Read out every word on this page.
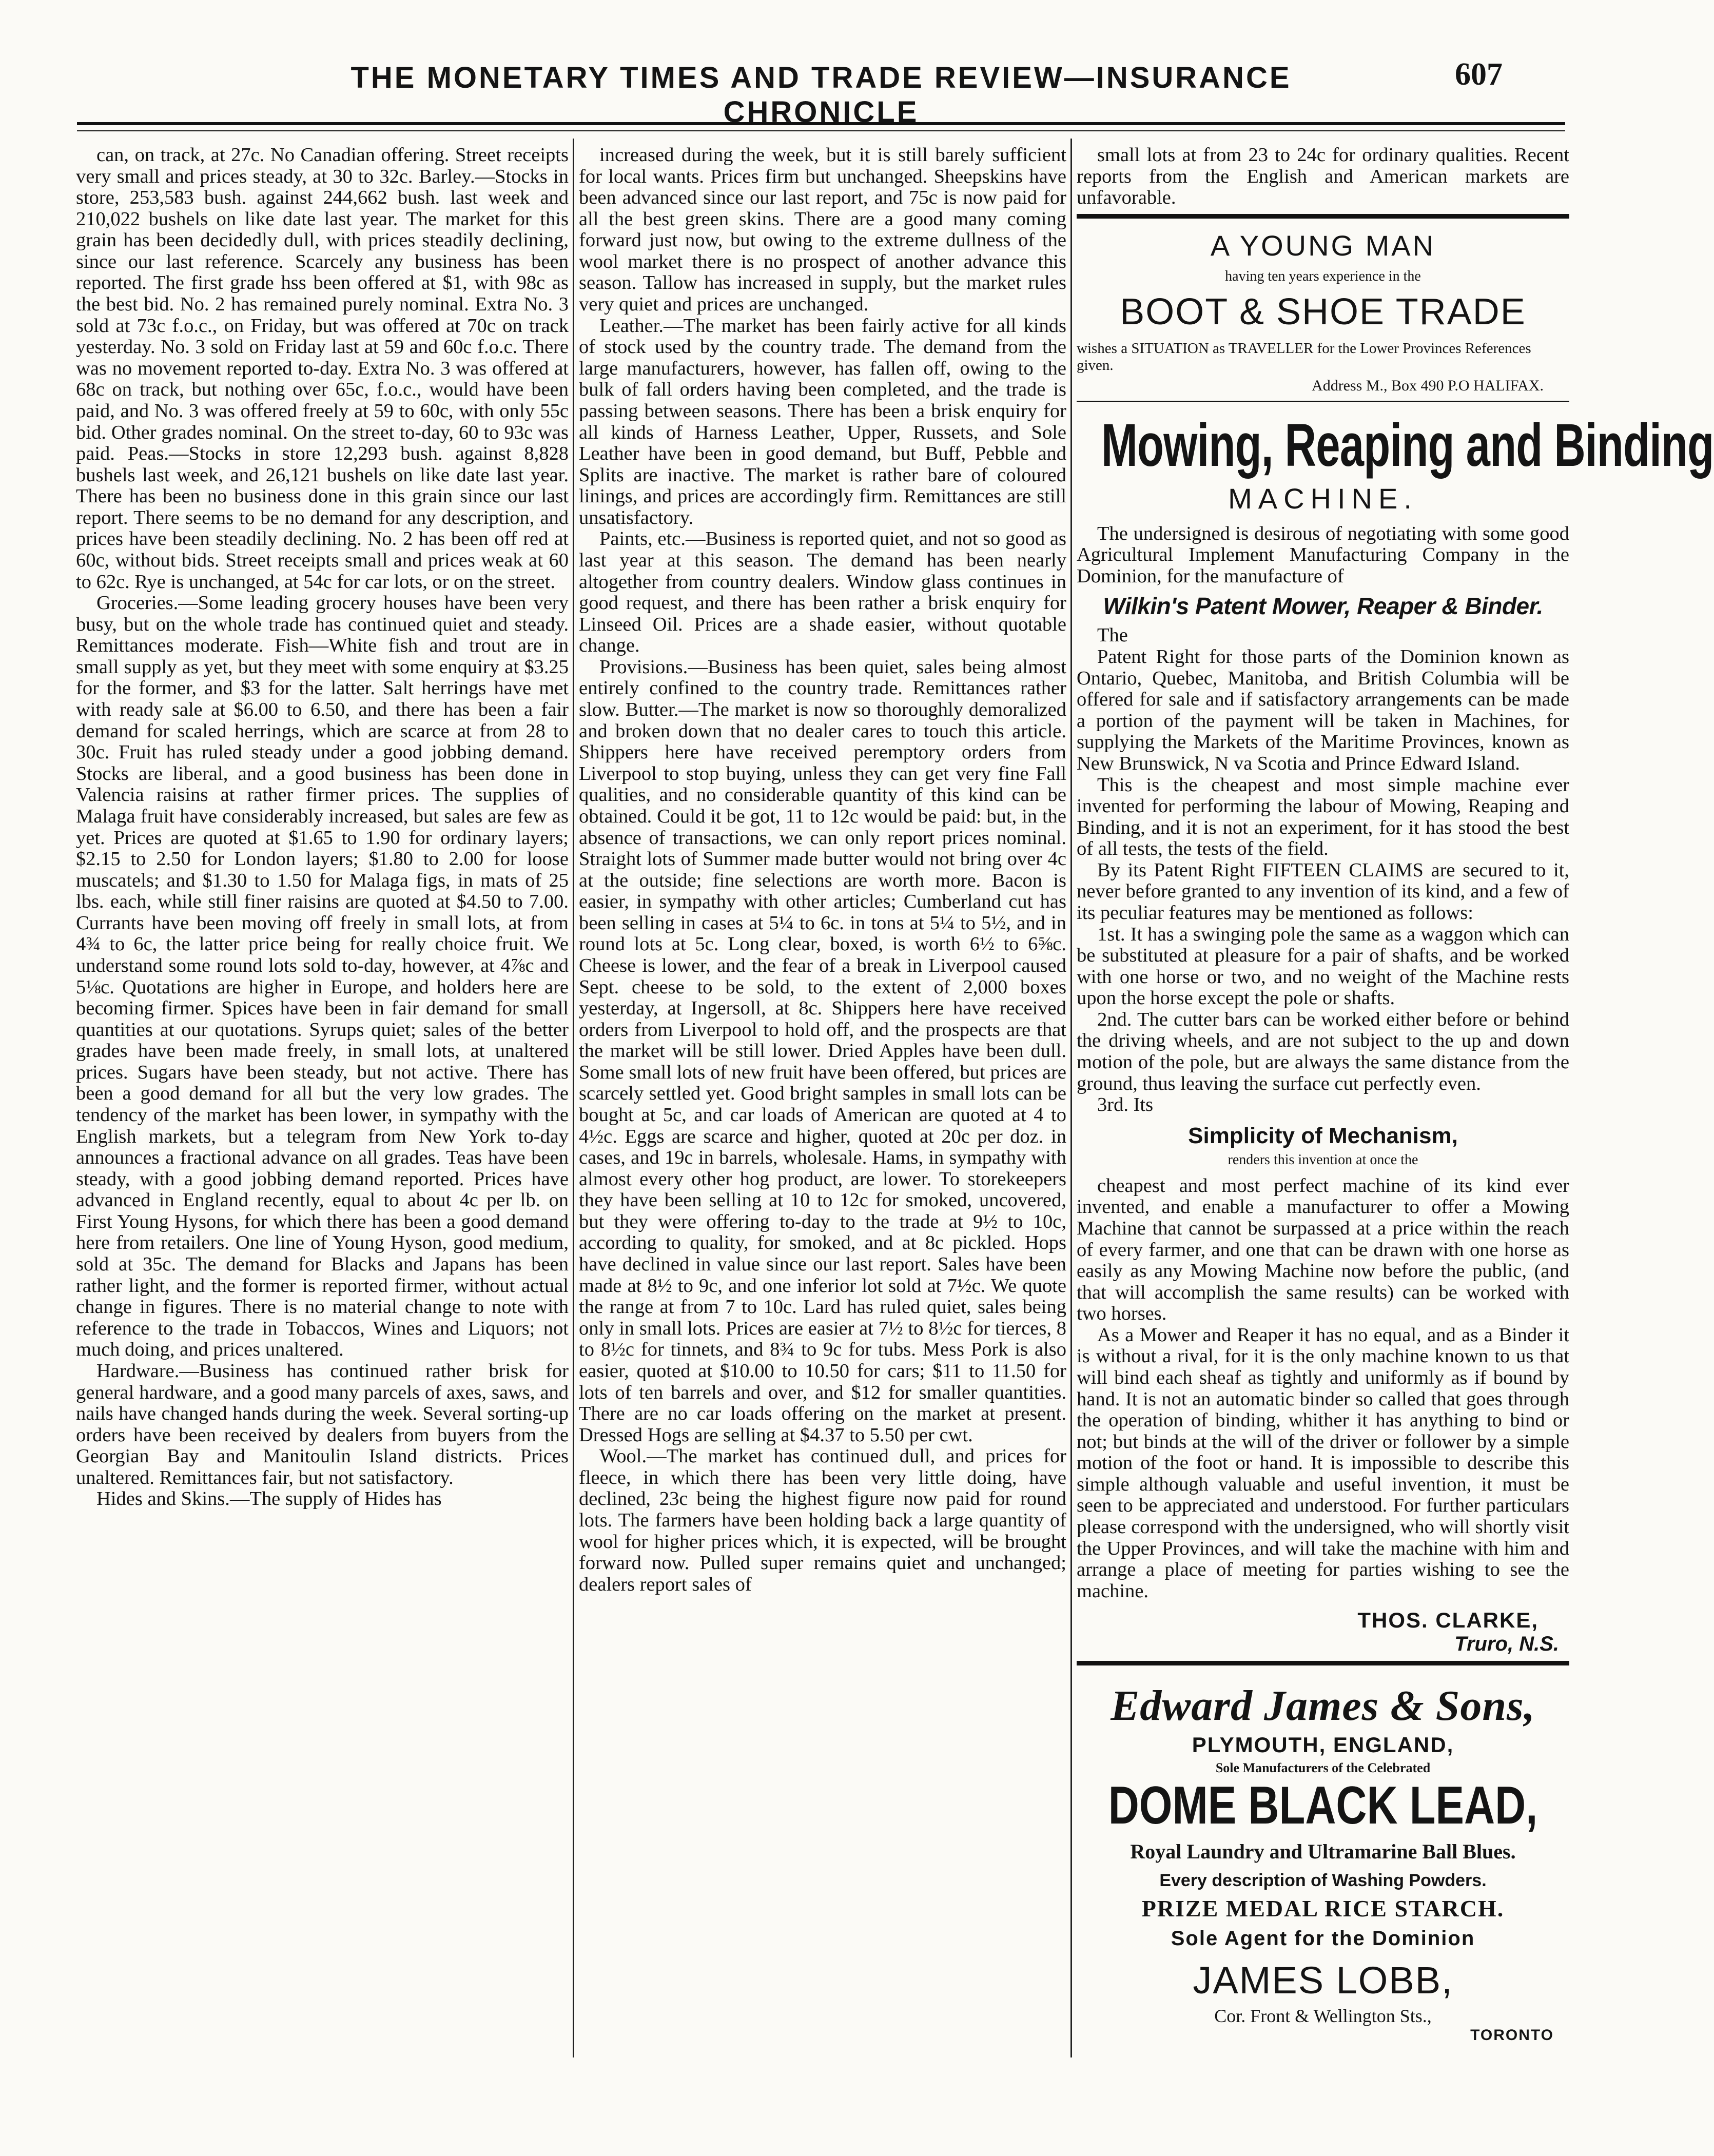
THE MONETARY TIMES AND TRADE REVIEW—INSURANCE CHRONICLE
607

can, on track, at 27c. No Canadian offering. Street receipts very small and prices steady, at 30 to 32c. Barley.—Stocks in store, 253,583 bush. against 244,662 bush. last week and 210,022 bushels on like date last year. The market for this grain has been decidedly dull, with prices steadily declining, since our last reference. Scarcely any business has been reported. The first grade hss been offered at $1, with 98c as the best bid. No. 2 has remained purely nominal. Extra No. 3 sold at 73c f.o.c., on Friday, but was offered at 70c on track yesterday. No. 3 sold on Friday last at 59 and 60c f.o.c. There was no movement reported to-day. Extra No. 3 was offered at 68c on track, but nothing over 65c, f.o.c., would have been paid, and No. 3 was offered freely at 59 to 60c, with only 55c bid. Other grades nominal. On the street to-day, 60 to 93c was paid. Peas.—Stocks in store 12,293 bush. against 8,828 bushels last week, and 26,121 bushels on like date last year. There has been no business done in this grain since our last report. There seems to be no demand for any description, and prices have been steadily declining. No. 2 has been off red at 60c, without bids. Street receipts small and prices weak at 60 to 62c. Rye is unchanged, at 54c for car lots, or on the street.

Groceries.—Some leading grocery houses have been very busy, but on the whole trade has continued quiet and steady. Remittances moderate. Fish—White fish and trout are in small supply as yet, but they meet with some enquiry at $3.25 for the former, and $3 for the latter. Salt herrings have met with ready sale at $6.00 to 6.50, and there has been a fair demand for scaled herrings, which are scarce at from 28 to 30c. Fruit has ruled steady under a good jobbing demand. Stocks are liberal, and a good business has been done in Valencia raisins at rather firmer prices. The supplies of Malaga fruit have considerably increased, but sales are few as yet. Prices are quoted at $1.65 to 1.90 for ordinary layers; $2.15 to 2.50 for London layers; $1.80 to 2.00 for loose muscatels; and $1.30 to 1.50 for Malaga figs, in mats of 25 lbs. each, while still finer raisins are quoted at $4.50 to 7.00. Currants have been moving off freely in small lots, at from 4¾ to 6c, the latter price being for really choice fruit. We understand some round lots sold to-day, however, at 4⅞c and 5⅛c. Quotations are higher in Europe, and holders here are becoming firmer. Spices have been in fair demand for small quantities at our quotations. Syrups quiet; sales of the better grades have been made freely, in small lots, at unaltered prices. Sugars have been steady, but not active. There has been a good demand for all but the very low grades. The tendency of the market has been lower, in sympathy with the English markets, but a telegram from New York to-day announces a fractional advance on all grades. Teas have been steady, with a good jobbing demand reported. Prices have advanced in England recently, equal to about 4c per lb. on First Young Hysons, for which there has been a good demand here from retailers. One line of Young Hyson, good medium, sold at 35c. The demand for Blacks and Japans has been rather light, and the former is reported firmer, without actual change in figures. There is no material change to note with reference to the trade in Tobaccos, Wines and Liquors; not much doing, and prices unaltered.

Hardware.—Business has continued rather brisk for general hardware, and a good many parcels of axes, saws, and nails have changed hands during the week. Several sorting-up orders have been received by dealers from buyers from the Georgian Bay and Manitoulin Island districts. Prices unaltered. Remittances fair, but not satisfactory.

Hides and Skins.—The supply of Hides has

increased during the week, but it is still barely sufficient for local wants. Prices firm but unchanged. Sheepskins have been advanced since our last report, and 75c is now paid for all the best green skins. There are a good many coming forward just now, but owing to the extreme dullness of the wool market there is no prospect of another advance this season. Tallow has increased in supply, but the market rules very quiet and prices are unchanged.

Leather.—The market has been fairly active for all kinds of stock used by the country trade. The demand from the large manufacturers, however, has fallen off, owing to the bulk of fall orders having been completed, and the trade is passing between seasons. There has been a brisk enquiry for all kinds of Harness Leather, Upper, Russets, and Sole Leather have been in good demand, but Buff, Pebble and Splits are inactive. The market is rather bare of coloured linings, and prices are accordingly firm. Remittances are still unsatisfactory.

Paints, etc.—Business is reported quiet, and not so good as last year at this season. The demand has been nearly altogether from country dealers. Window glass continues in good request, and there has been rather a brisk enquiry for Linseed Oil. Prices are a shade easier, without quotable change.

Provisions.—Business has been quiet, sales being almost entirely confined to the country trade. Remittances rather slow. Butter.—The market is now so thoroughly demoralized and broken down that no dealer cares to touch this article. Shippers here have received peremptory orders from Liverpool to stop buying, unless they can get very fine Fall qualities, and no considerable quantity of this kind can be obtained. Could it be got, 11 to 12c would be paid: but, in the absence of transactions, we can only report prices nominal. Straight lots of Summer made butter would not bring over 4c at the outside; fine selections are worth more. Bacon is easier, in sympathy with other articles; Cumberland cut has been selling in cases at 5¼ to 6c. in tons at 5¼ to 5½, and in round lots at 5c. Long clear, boxed, is worth 6½ to 6⅝c. Cheese is lower, and the fear of a break in Liverpool caused Sept. cheese to be sold, to the extent of 2,000 boxes yesterday, at Ingersoll, at 8c. Shippers here have received orders from Liverpool to hold off, and the prospects are that the market will be still lower. Dried Apples have been dull. Some small lots of new fruit have been offered, but prices are scarcely settled yet. Good bright samples in small lots can be bought at 5c, and car loads of American are quoted at 4 to 4½c. Eggs are scarce and higher, quoted at 20c per doz. in cases, and 19c in barrels, wholesale. Hams, in sympathy with almost every other hog product, are lower. To storekeepers they have been selling at 10 to 12c for smoked, uncovered, but they were offering to-day to the trade at 9½ to 10c, according to quality, for smoked, and at 8c pickled. Hops have declined in value since our last report. Sales have been made at 8½ to 9c, and one inferior lot sold at 7½c. We quote the range at from 7 to 10c. Lard has ruled quiet, sales being only in small lots. Prices are easier at 7½ to 8½c for tierces, 8 to 8½c for tinnets, and 8¾ to 9c for tubs. Mess Pork is also easier, quoted at $10.00 to 10.50 for cars; $11 to 11.50 for lots of ten barrels and over, and $12 for smaller quantities. There are no car loads offering on the market at present. Dressed Hogs are selling at $4.37 to 5.50 per cwt.

Wool.—The market has continued dull, and prices for fleece, in which there has been very little doing, have declined, 23c being the highest figure now paid for round lots. The farmers have been holding back a large quantity of wool for higher prices which, it is expected, will be brought forward now. Pulled super remains quiet and unchanged; dealers report sales of

small lots at from 23 to 24c for ordinary qualities. Recent reports from the English and American markets are unfavorable.

A YOUNG MAN
having ten years experience in the
BOOT & SHOE TRADE
wishes a SITUATION as TRAVELLER for the Lower Provinces References given.
Address M., Box 490 P.O HALIFAX.
Mowing, Reaping and Binding
MACHINE.

The undersigned is desirous of negotiating with some good Agricultural Implement Manufacturing Company in the Dominion, for the manufacture of

Wilkin's Patent Mower, Reaper & Binder.

The

Patent Right for those parts of the Dominion known as Ontario, Quebec, Manitoba, and British Columbia will be offered for sale and if satisfactory arrangements can be made a portion of the payment will be taken in Machines, for supplying the Markets of the Maritime Provinces, known as New Brunswick, N va Scotia and Prince Edward Island.

This is the cheapest and most simple machine ever invented for performing the labour of Mowing, Reaping and Binding, and it is not an experiment, for it has stood the best of all tests, the tests of the field.

By its Patent Right FIFTEEN CLAIMS are secured to it, never before granted to any invention of its kind, and a few of its peculiar features may be mentioned as follows:

1st. It has a swinging pole the same as a waggon which can be substituted at pleasure for a pair of shafts, and be worked with one horse or two, and no weight of the Machine rests upon the horse except the pole or shafts.

2nd. The cutter bars can be worked either before or behind the driving wheels, and are not subject to the up and down motion of the pole, but are always the same distance from the ground, thus leaving the surface cut perfectly even.

3rd. Its

Simplicity of Mechanism,
renders this invention at once the

cheapest and most perfect machine of its kind ever invented, and enable a manufacturer to offer a Mowing Machine that cannot be surpassed at a price within the reach of every farmer, and one that can be drawn with one horse as easily as any Mowing Machine now before the public, (and that will accomplish the same results) can be worked with two horses.

As a Mower and Reaper it has no equal, and as a Binder it is without a rival, for it is the only machine known to us that will bind each sheaf as tightly and uniformly as if bound by hand. It is not an automatic binder so called that goes through the operation of binding, whither it has anything to bind or not; but binds at the will of the driver or follower by a simple motion of the foot or hand. It is impossible to describe this simple although valuable and useful invention, it must be seen to be appreciated and understood. For further particulars please correspond with the undersigned, who will shortly visit the Upper Provinces, and will take the machine with him and arrange a place of meeting for parties wishing to see the machine.

THOS. CLARKE,
Truro, N.S.
Edward James & Sons,
PLYMOUTH, ENGLAND,
Sole Manufacturers of the Celebrated
DOME BLACK LEAD,
Royal Laundry and Ultramarine Ball Blues.
Every description of Washing Powders.
PRIZE MEDAL RICE STARCH.
Sole Agent for the Dominion
JAMES LOBB,
Cor. Front & Wellington Sts.,
TORONTO
